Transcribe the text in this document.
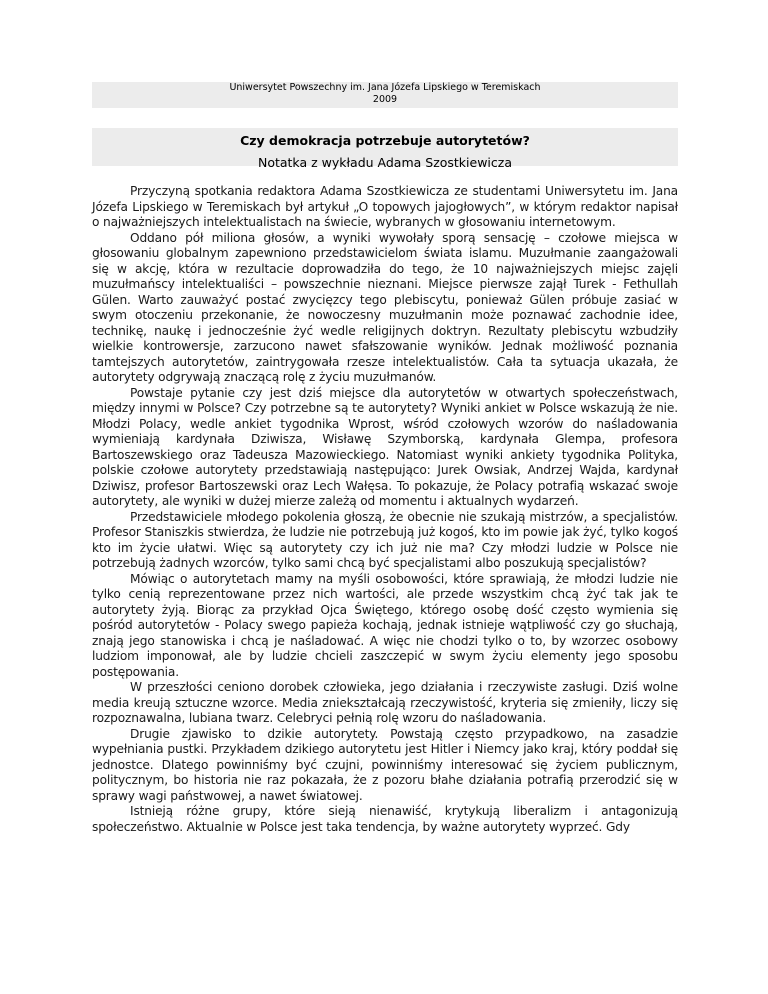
Uniwersytet Powszechny im. Jana Józefa Lipskiego w Teremiskach
2009
Czy demokracja potrzebuje autorytetów?
Notatka z wykładu Adama Szostkiewicza

Przyczyną spotkania redaktora Adama Szostkiewicza ze studentami Uniwersytetu im. Jana Józefa Lipskiego w Teremiskach był artykuł „O topowych jajogłowych”, w którym redaktor napisał o najważniejszych intelektualistach na świecie, wybranych w głosowaniu internetowym.

Oddano pół miliona głosów, a wyniki wywołały sporą sensację – czołowe miejsca w głosowaniu globalnym zapewniono przedstawicielom świata islamu. Muzułmanie zaangażowali się w akcję, która w rezultacie doprowadziła do tego, że 10 najważniejszych miejsc zajęli muzułmańscy intelektualiści – powszechnie nieznani. Miejsce pierwsze zajął Turek - Fethullah Gülen. Warto zauważyć postać zwycięzcy tego plebiscytu, ponieważ Gülen próbuje zasiać w swym otoczeniu przekonanie, że nowoczesny muzułmanin może poznawać zachodnie idee, technikę, naukę i jednocześnie żyć wedle religijnych doktryn. Rezultaty plebiscytu wzbudziły wielkie kontrowersje, zarzucono nawet sfałszowanie wyników. Jednak możliwość poznania tamtejszych autorytetów, zaintrygowała rzesze intelektualistów. Cała ta sytuacja ukazała, że autorytety odgrywają znaczącą rolę z życiu muzułmanów.

Powstaje pytanie czy jest dziś miejsce dla autorytetów w otwartych społeczeństwach, między innymi w Polsce? Czy potrzebne są te autorytety? Wyniki ankiet w Polsce wskazują że nie. Młodzi Polacy, wedle ankiet tygodnika Wprost, wśród czołowych wzorów do naśladowania wymieniają kardynała Dziwisza, Wisławę Szymborską, kardynała Glempa, profesora Bartoszewskiego oraz Tadeusza Mazowieckiego. Natomiast wyniki ankiety tygodnika Polityka, polskie czołowe autorytety przedstawiają następująco: Jurek Owsiak, Andrzej Wajda, kardynał Dziwisz, profesor Bartoszewski oraz Lech Wałęsa. To pokazuje, że Polacy potrafią wskazać swoje autorytety, ale wyniki w dużej mierze zależą od momentu i aktualnych wydarzeń.

Przedstawiciele młodego pokolenia głoszą, że obecnie nie szukają mistrzów, a specjalistów. Profesor Staniszkis stwierdza, że ludzie nie potrzebują już kogoś, kto im powie jak żyć, tylko kogoś kto im życie ułatwi. Więc są autorytety czy ich już nie ma? Czy młodzi ludzie w Polsce nie potrzebują żadnych wzorców, tylko sami chcą być specjalistami albo poszukują specjalistów?

Mówiąc o autorytetach mamy na myśli osobowości, które sprawiają, że młodzi ludzie nie tylko cenią reprezentowane przez nich wartości, ale przede wszystkim chcą żyć tak jak te autorytety żyją. Biorąc za przykład Ojca Świętego, którego osobę dość często wymienia się pośród autorytetów - Polacy swego papieża kochają, jednak istnieje wątpliwość czy go słuchają, znają jego stanowiska i chcą je naśladować. A więc nie chodzi tylko o to, by wzorzec osobowy ludziom imponował, ale by ludzie chcieli zaszczepić w swym życiu elementy jego sposobu postępowania.

W przeszłości ceniono dorobek człowieka, jego działania i rzeczywiste zasługi. Dziś wolne media kreują sztuczne wzorce. Media zniekształcają rzeczywistość, kryteria się zmieniły, liczy się rozpoznawalna, lubiana twarz. Celebryci pełnią rolę wzoru do naśladowania.

Drugie zjawisko to dzikie autorytety. Powstają często przypadkowo, na zasadzie wypełniania pustki. Przykładem dzikiego autorytetu jest Hitler i Niemcy jako kraj, który poddał się jednostce. Dlatego powinniśmy być czujni, powinniśmy interesować się życiem publicznym, politycznym, bo historia nie raz pokazała, że z pozoru błahe działania potrafią przerodzić się w sprawy wagi państwowej, a nawet światowej.

Istnieją różne grupy, które sieją nienawiść, krytykują liberalizm i antagonizują społeczeństwo. Aktualnie w Polsce jest taka tendencja, by ważne autorytety wyprzeć. Gdy
